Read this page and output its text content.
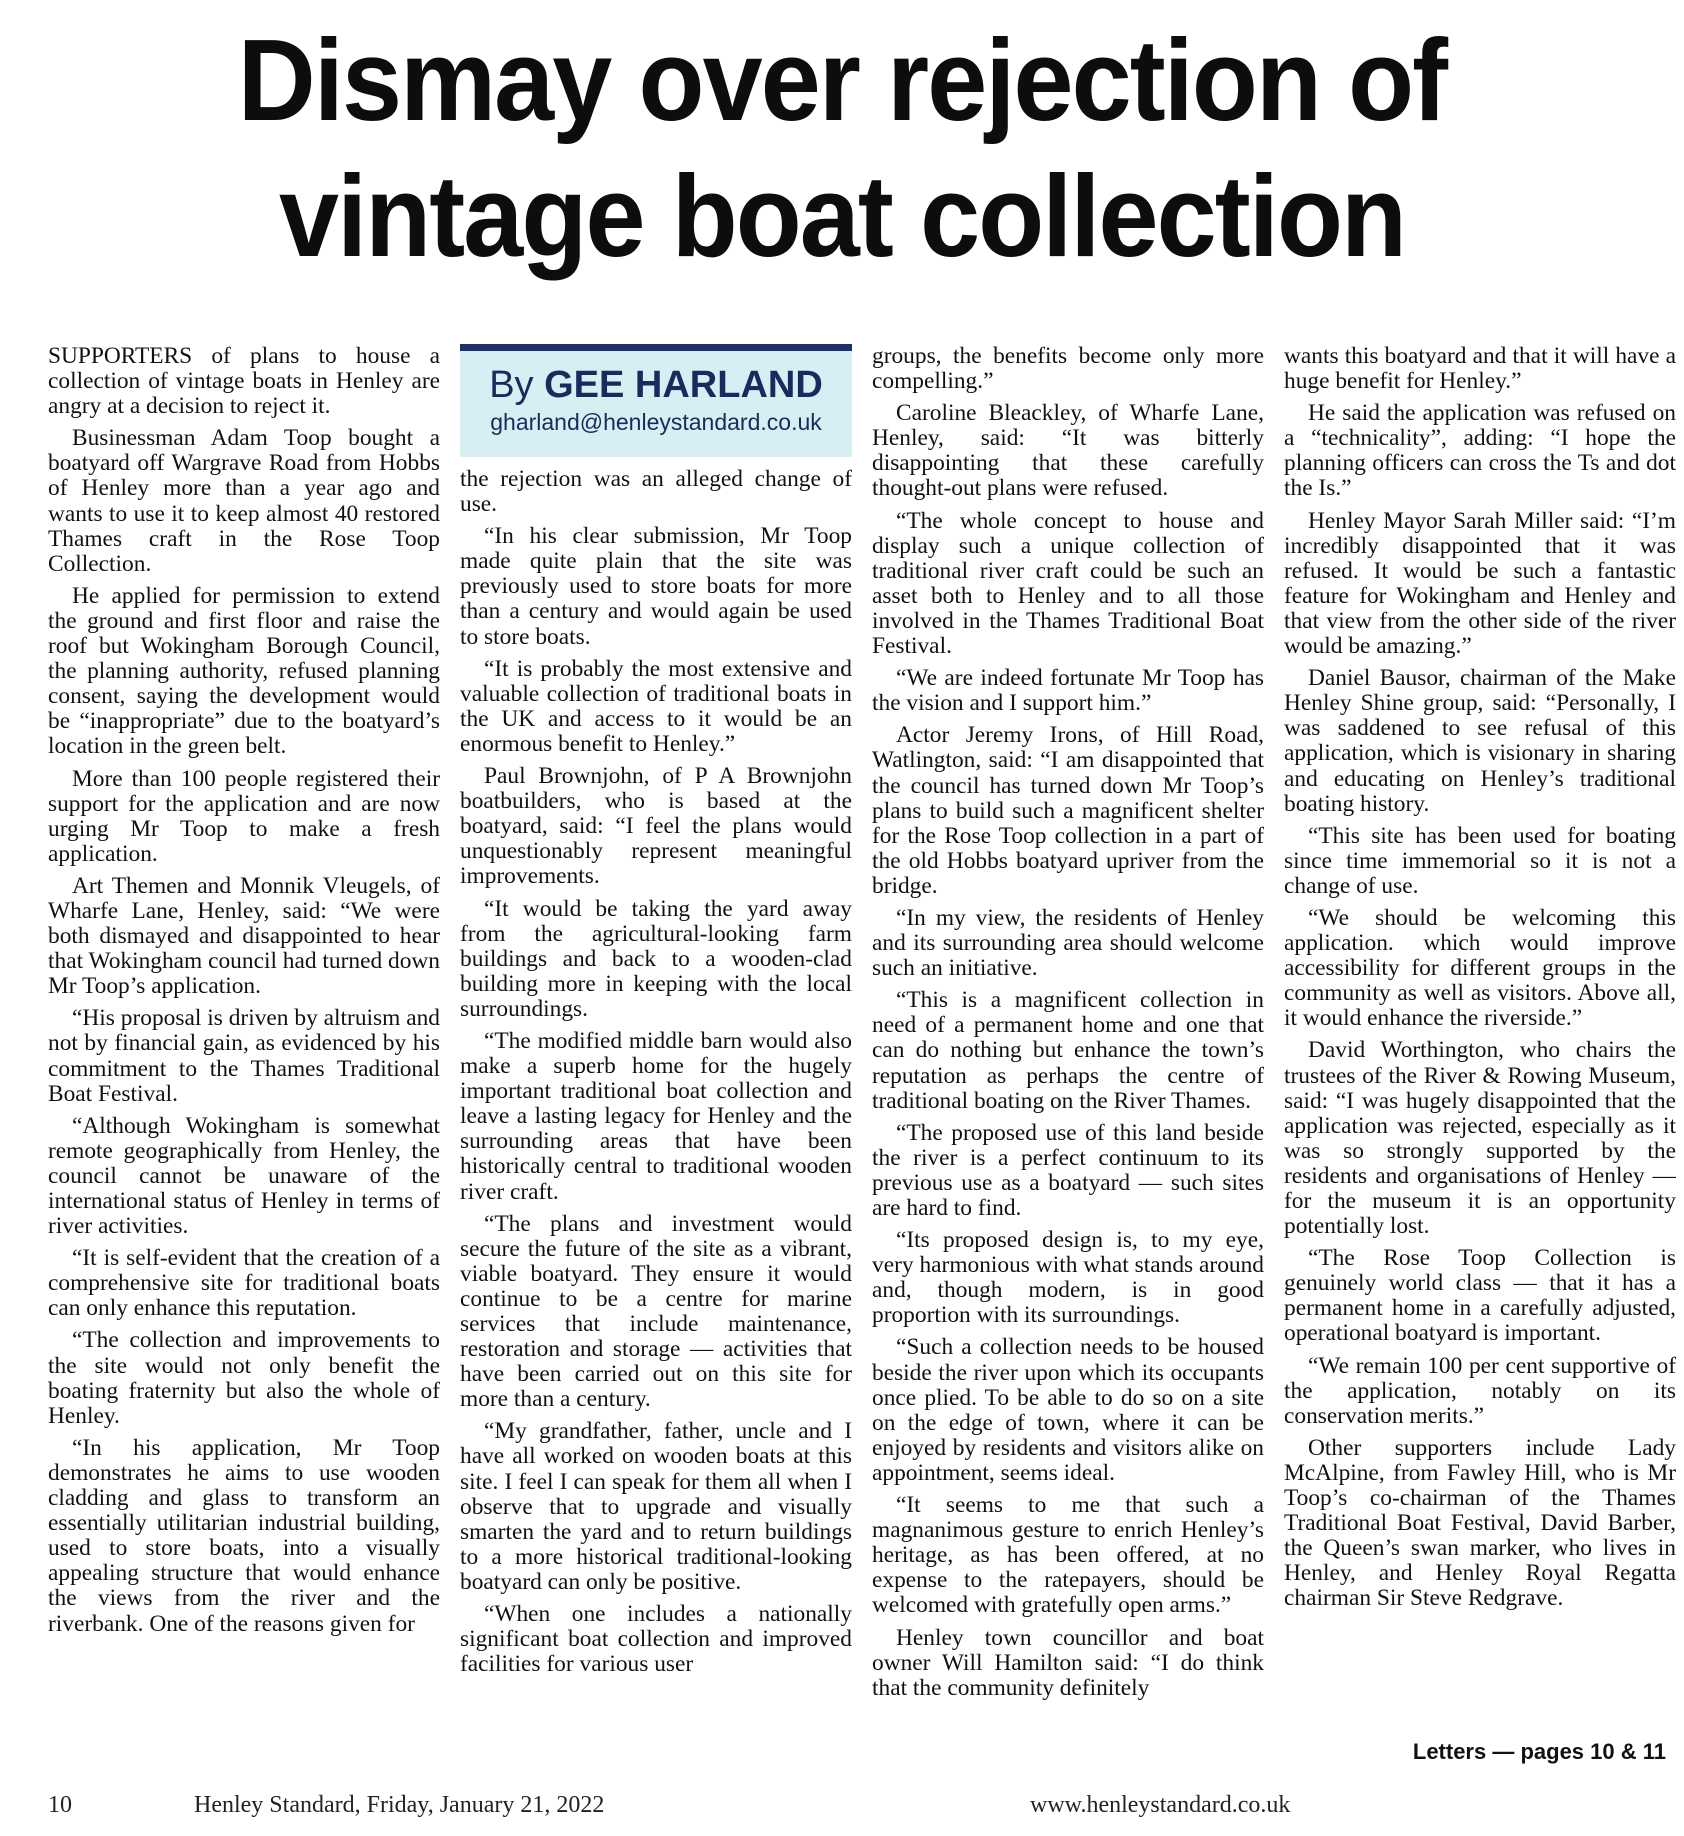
Dismay over rejection of
vintage boat collection

SUPPORTERS of plans to house a collection of vintage boats in Henley are angry at a decision to reject it.

Businessman Adam Toop bought a boatyard off Wargrave Road from Hobbs of Henley more than a year ago and wants to use it to keep almost 40 restored Thames craft in the Rose Toop Collection.

He applied for permission to extend the ground and first floor and raise the roof but Wokingham Borough Council, the planning authority, refused planning consent, saying the development would be “inappropriate” due to the boatyard’s location in the green belt.

More than 100 people registered their support for the application and are now urging Mr Toop to make a fresh application.

Art Themen and Monnik Vleugels, of Wharfe Lane, Henley, said: “We were both dismayed and disappointed to hear that Wokingham council had turned down Mr Toop’s application.

“His proposal is driven by altruism and not by financial gain, as evidenced by his commitment to the Thames Traditional Boat Festival.

“Although Wokingham is somewhat remote geographically from Henley, the council cannot be unaware of the international status of Henley in terms of river activities.

“It is self-evident that the creation of a comprehensive site for traditional boats can only enhance this reputation.

“The collection and improvements to the site would not only benefit the boating fraternity but also the whole of Henley.

“In his application, Mr Toop demonstrates he aims to use wooden cladding and glass to transform an essentially utilitarian industrial building, used to store boats, into a visually appealing structure that would enhance the views from the river and the riverbank. One of the reasons given for

By GEE HARLAND
gharland@henleystandard.co.uk

the rejection was an alleged change of use.

“In his clear submission, Mr Toop made quite plain that the site was previously used to store boats for more than a century and would again be used to store boats.

“It is probably the most extensive and valuable collection of traditional boats in the UK and access to it would be an enormous benefit to Henley.”

Paul Brownjohn, of P A Brownjohn boatbuilders, who is based at the boatyard, said: “I feel the plans would unquestionably represent meaningful improvements.

“It would be taking the yard away from the agricultural-looking farm buildings and back to a wooden-clad building more in keeping with the local surroundings.

“The modified middle barn would also make a superb home for the hugely important traditional boat collection and leave a lasting legacy for Henley and the surrounding areas that have been historically central to traditional wooden river craft.

“The plans and investment would secure the future of the site as a vibrant, viable boatyard. They ensure it would continue to be a centre for marine services that include maintenance, restoration and storage — activities that have been carried out on this site for more than a century.

“My grandfather, father, uncle and I have all worked on wooden boats at this site. I feel I can speak for them all when I observe that to upgrade and visually smarten the yard and to return buildings to a more historical traditional-looking boatyard can only be positive.

“When one includes a nationally significant boat collection and improved facilities for various user

groups, the benefits become only more compelling.”

Caroline Bleackley, of Wharfe Lane, Henley, said: “It was bitterly disappointing that these carefully thought-out plans were refused.

“The whole concept to house and display such a unique collection of traditional river craft could be such an asset both to Henley and to all those involved in the Thames Traditional Boat Festival.

“We are indeed fortunate Mr Toop has the vision and I support him.”

Actor Jeremy Irons, of Hill Road, Watlington, said: “I am disappointed that the council has turned down Mr Toop’s plans to build such a magnificent shelter for the Rose Toop collection in a part of the old Hobbs boatyard upriver from the bridge.

“In my view, the residents of Henley and its surrounding area should welcome such an initiative.

“This is a magnificent collection in need of a permanent home and one that can do nothing but enhance the town’s reputation as perhaps the centre of traditional boating on the River Thames.

“The proposed use of this land beside the river is a perfect continuum to its previous use as a boatyard — such sites are hard to find.

“Its proposed design is, to my eye, very harmonious with what stands around and, though modern, is in good proportion with its surroundings.

“Such a collection needs to be housed beside the river upon which its occupants once plied. To be able to do so on a site on the edge of town, where it can be enjoyed by residents and visitors alike on appointment, seems ideal.

“It seems to me that such a magnanimous gesture to enrich Henley’s heritage, as has been offered, at no expense to the ratepayers, should be welcomed with gratefully open arms.”

Henley town councillor and boat owner Will Hamilton said: “I do think that the community definitely

wants this boatyard and that it will have a huge benefit for Henley.”

He said the application was refused on a “technicality”, adding: “I hope the planning officers can cross the Ts and dot the Is.”

Henley Mayor Sarah Miller said: “I’m incredibly disappointed that it was refused. It would be such a fantastic feature for Wokingham and Henley and that view from the other side of the river would be amazing.”

Daniel Bausor, chairman of the Make Henley Shine group, said: “Personally, I was saddened to see refusal of this application, which is visionary in sharing and educating on Henley’s traditional boating history.

“This site has been used for boating since time immemorial so it is not a change of use.

“We should be welcoming this application. which would improve accessibility for different groups in the community as well as visitors. Above all, it would enhance the riverside.”

David Worthington, who chairs the trustees of the River & Rowing Museum, said: “I was hugely disappointed that the application was rejected, especially as it was so strongly supported by the residents and organisations of Henley — for the museum it is an opportunity potentially lost.

“The Rose Toop Collection is genuinely world class — that it has a permanent home in a carefully adjusted, operational boatyard is important.

“We remain 100 per cent supportive of the application, notably on its conservation merits.”

Other supporters include Lady McAlpine, from Fawley Hill, who is Mr Toop’s co-chairman of the Thames Traditional Boat Festival, David Barber, the Queen’s swan marker, who lives in Henley, and Henley Royal Regatta chairman Sir Steve Redgrave.

Letters — pages 10 & 11
10	Henley Standard, Friday, January 21, 2022	www.henleystandard.co.uk
